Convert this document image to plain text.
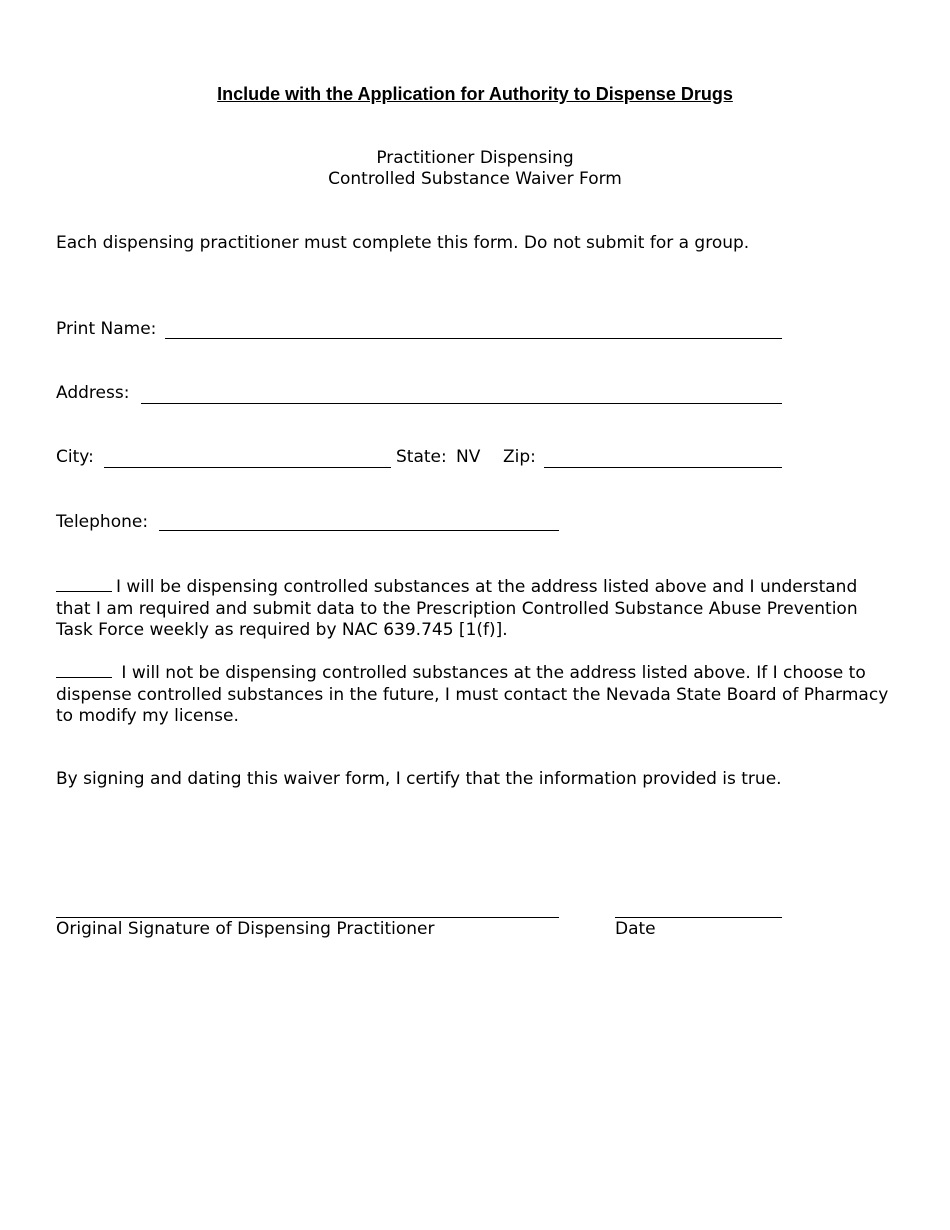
Include with the Application for Authority to Dispense Drugs
Practitioner Dispensing
Controlled Substance Waiver Form
Each dispensing practitioner must complete this form. Do not submit for a group.
Print Name:
Address:
City:	State: NV Zip:
Telephone:
I will be dispensing controlled substances at the address listed above and I understand that I am required and submit data to the Prescription Controlled Substance Abuse Prevention Task Force weekly as required by NAC 639.745 [1(f)].
I will not be dispensing controlled substances at the address listed above. If I choose to dispense controlled substances in the future, I must contact the Nevada State Board of Pharmacy to modify my license.
By signing and dating this waiver form, I certify that the information provided is true.
Original Signature of Dispensing Practitioner	Date
